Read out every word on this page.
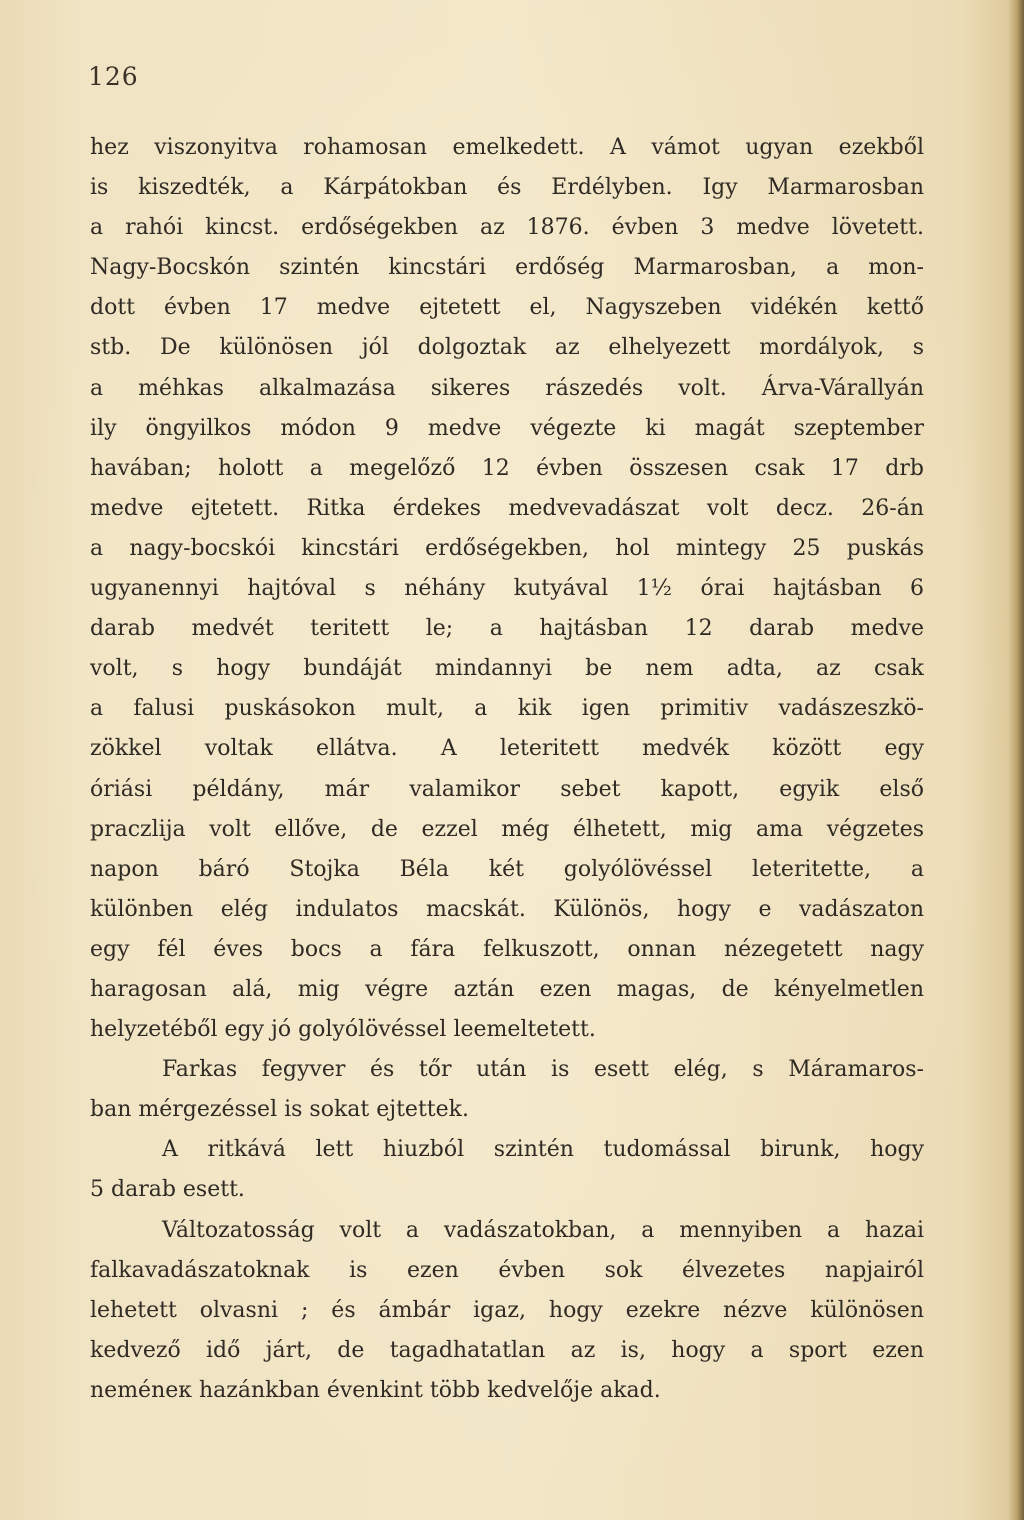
126
hez viszonyitva rohamosan emelkedett. A vámot ugyan ezekből
is kiszedték, a Kárpátokban és Erdélyben. Igy Marmarosban
a rahói kincst. erdőségekben az 1876. évben 3 medve lövetett.
Nagy-Bocskón szintén kincstári erdőség Marmarosban, a mon-
dott évben 17 medve ejtetett el, Nagyszeben vidékén kettő
stb. De különösen jól dolgoztak az elhelyezett mordályok, s
a méhkas alkalmazása sikeres rászedés volt. Árva-Várallyán
ily öngyilkos módon 9 medve végezte ki magát szeptember
havában; holott a megelőző 12 évben összesen csak 17 drb
medve ejtetett. Ritka érdekes medvevadászat volt decz. 26-án
a nagy-bocskói kincstári erdőségekben, hol mintegy 25 puskás
ugyanennyi hajtóval s néhány kutyával 1½ órai hajtásban 6
darab medvét teritett le; a hajtásban 12 darab medve
volt, s hogy bundáját mindannyi be nem adta, az csak
a falusi puskásokon mult, a kik igen primitiv vadászeszkö-
zökkel voltak ellátva. A leteritett medvék között egy
óriási példány, már valamikor sebet kapott, egyik első
praczlija volt ellőve, de ezzel még élhetett, mig ama végzetes
napon báró Stojka Béla két golyólövéssel leteritette, a
különben elég indulatos macskát. Különös, hogy e vadászaton
egy fél éves bocs a fára felkuszott, onnan nézegetett nagy
haragosan alá, mig végre aztán ezen magas, de kényelmetlen
helyzetéből egy jó golyólövéssel leemeltetett.
Farkas fegyver és tőr után is esett elég, s Máramaros-
ban mérgezéssel is sokat ejtettek.
A ritkává lett hiuzból szintén tudomással birunk, hogy
5 darab esett.
Változatosság volt a vadászatokban, a mennyiben a hazai
falkavadászatoknak is ezen évben sok élvezetes napjairól
lehetett olvasni ; és ámbár igaz, hogy ezekre nézve különösen
kedvező idő járt, de tagadhatatlan az is, hogy a sport ezen
neméneк hazánkban évenkint több kedvelője akad.
